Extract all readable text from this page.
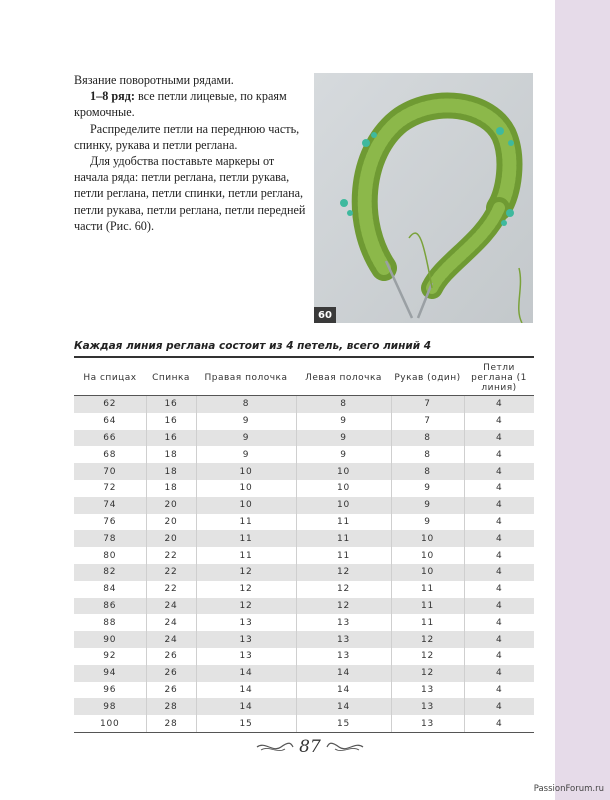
Вязание поворотными рядами.

1–8 ряд: все петли лицевые, по краям кромочные.

Распределите петли на переднюю часть, спинку, рукава и петли реглана.

Для удобства поставьте маркеры от начала ряда: петли реглана, петли рукава, петли реглана, петли спинки, петли реглана, петли рукава, петли реглана, петли передней части (Рис. 60).

60
Каждая линия реглана состоит из 4 петель, всего линий 4
На спицах	Спинка	Правая полочка	Левая полочка	Рукав (один)	Петли реглана (1 линия)
62	16	8	8	7	4
64	16	9	9	7	4
66	16	9	9	8	4
68	18	9	9	8	4
70	18	10	10	8	4
72	18	10	10	9	4
74	20	10	10	9	4
76	20	11	11	9	4
78	20	11	11	10	4
80	22	11	11	10	4
82	22	12	12	10	4
84	22	12	12	11	4
86	24	12	12	11	4
88	24	13	13	11	4
90	24	13	13	12	4
92	26	13	13	12	4
94	26	14	14	12	4
96	26	14	14	13	4
98	28	14	14	13	4
100	28	15	15	13	4
87
PassionForum.ru
